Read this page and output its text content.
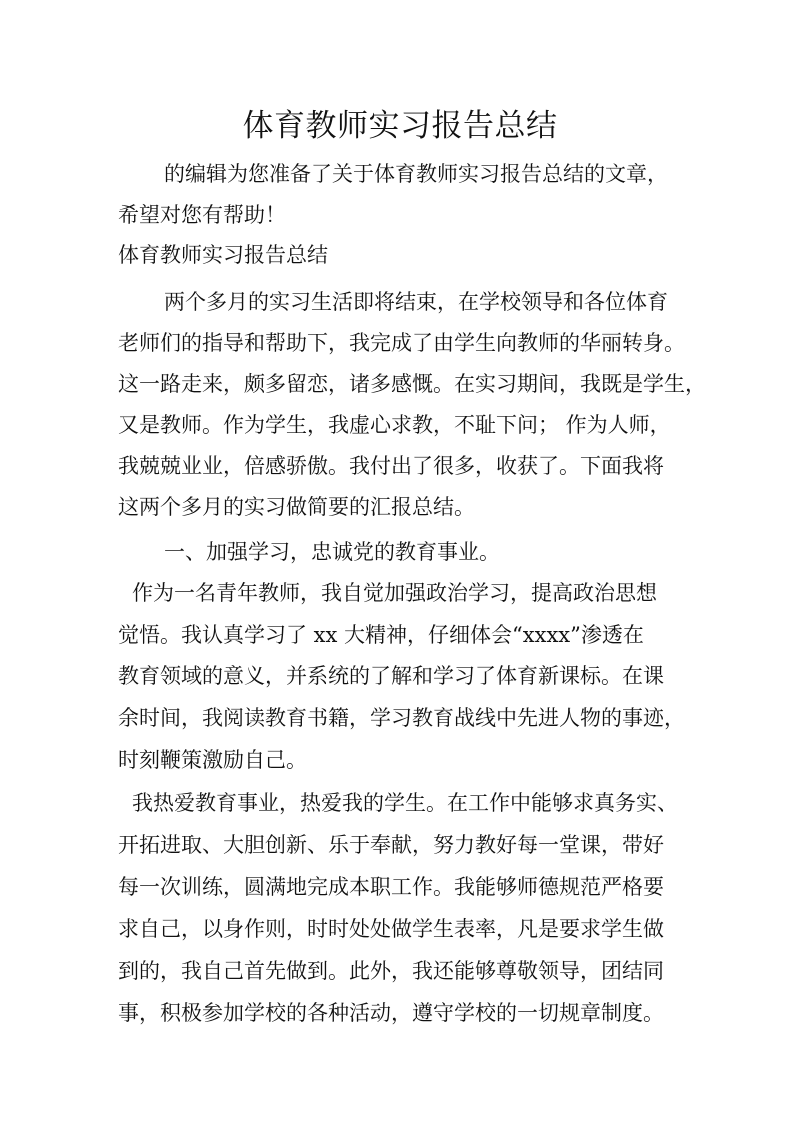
体育教师实习报告总结
的编辑为您准备了关于体育教师实习报告总结的文章，
希望对您有帮助！
体育教师实习报告总结
两个多月的实习生活即将结束，在学校领导和各位体育
老师们的指导和帮助下，我完成了由学生向教师的华丽转身。
这一路走来，颇多留恋，诸多感慨。在实习期间，我既是学生，
又是教师。作为学生，我虚心求教，不耻下问； 作为人师，
我兢兢业业，倍感骄傲。我付出了很多，收获了。下面我将
这两个多月的实习做简要的汇报总结。
一、加强学习，忠诚党的教育事业。
作为一名青年教师，我自觉加强政治学习，提高政治思想
觉悟。我认真学习了 xx 大精神，仔细体会“xxxx”渗透在
教育领域的意义，并系统的了解和学习了体育新课标。在课
余时间，我阅读教育书籍，学习教育战线中先进人物的事迹，
时刻鞭策激励自己。
我热爱教育事业，热爱我的学生。在工作中能够求真务实、
开拓进取、大胆创新、乐于奉献，努力教好每一堂课，带好
每一次训练，圆满地完成本职工作。我能够师德规范严格要
求自己，以身作则，时时处处做学生表率，凡是要求学生做
到的，我自己首先做到。此外，我还能够尊敬领导，团结同
事，积极参加学校的各种活动，遵守学校的一切规章制度。
